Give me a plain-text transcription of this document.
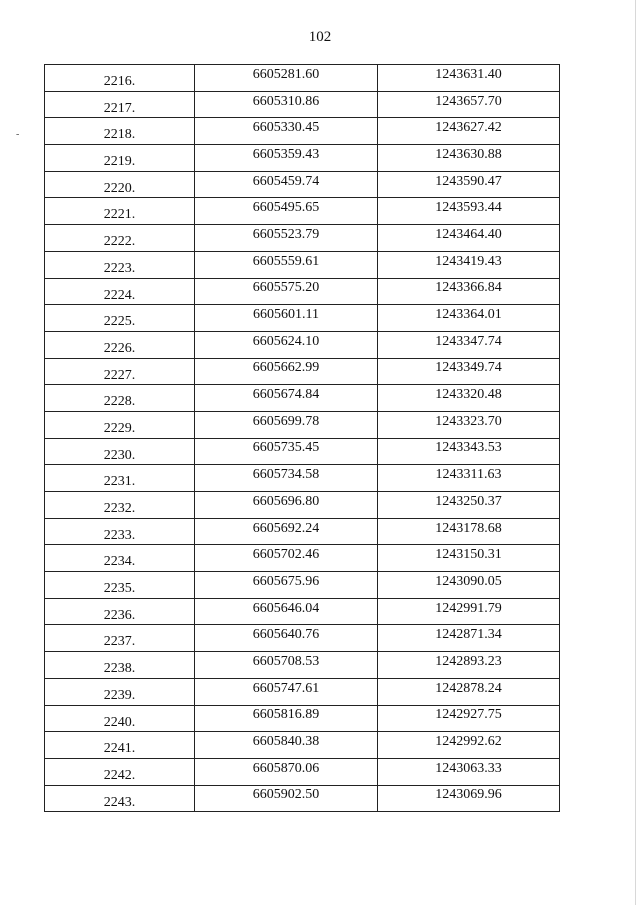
102
-
2216.	6605281.60	1243631.40
2217.	6605310.86	1243657.70
2218.	6605330.45	1243627.42
2219.	6605359.43	1243630.88
2220.	6605459.74	1243590.47
2221.	6605495.65	1243593.44
2222.	6605523.79	1243464.40
2223.	6605559.61	1243419.43
2224.	6605575.20	1243366.84
2225.	6605601.11	1243364.01
2226.	6605624.10	1243347.74
2227.	6605662.99	1243349.74
2228.	6605674.84	1243320.48
2229.	6605699.78	1243323.70
2230.	6605735.45	1243343.53
2231.	6605734.58	1243311.63
2232.	6605696.80	1243250.37
2233.	6605692.24	1243178.68
2234.	6605702.46	1243150.31
2235.	6605675.96	1243090.05
2236.	6605646.04	1242991.79
2237.	6605640.76	1242871.34
2238.	6605708.53	1242893.23
2239.	6605747.61	1242878.24
2240.	6605816.89	1242927.75
2241.	6605840.38	1242992.62
2242.	6605870.06	1243063.33
2243.	6605902.50	1243069.96
